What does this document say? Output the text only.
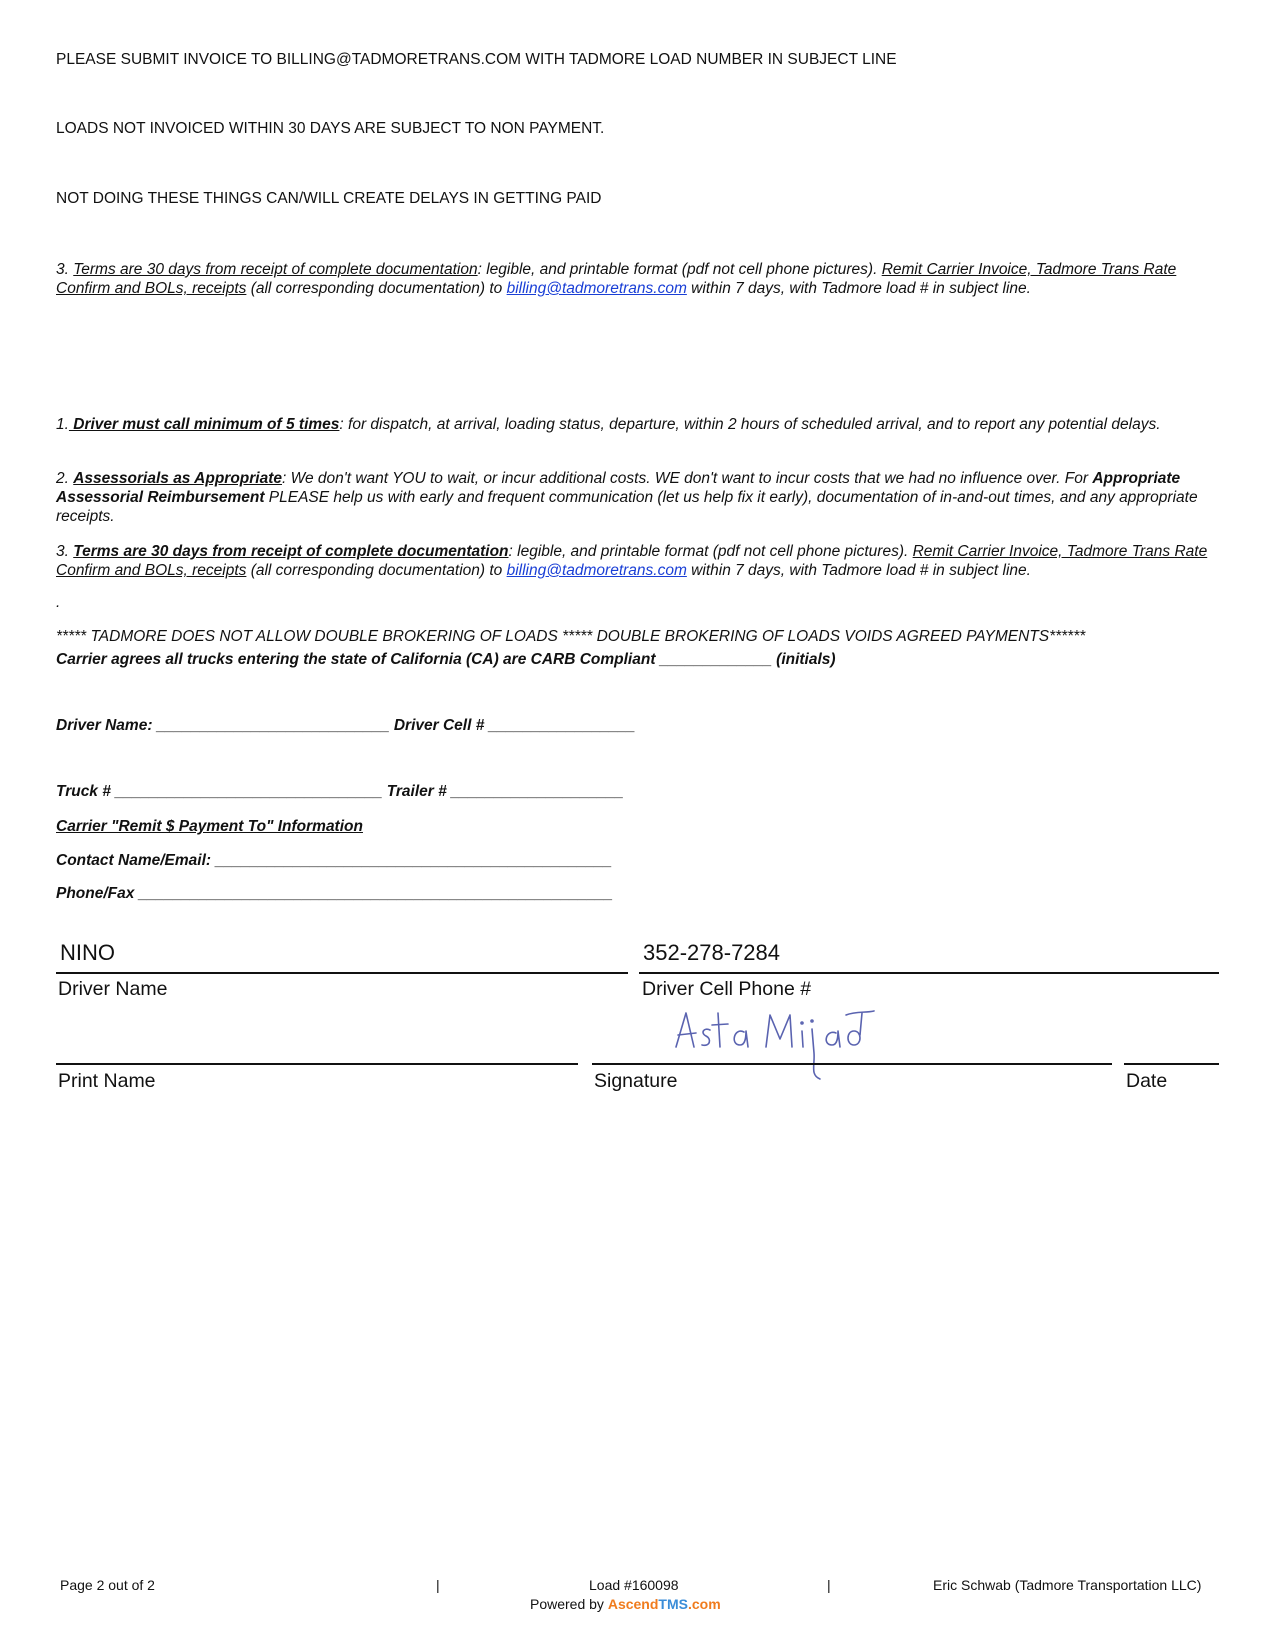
PLEASE SUBMIT INVOICE TO BILLING@TADMORETRANS.COM WITH TADMORE LOAD NUMBER IN SUBJECT LINE
LOADS NOT INVOICED WITHIN 30 DAYS ARE SUBJECT TO NON PAYMENT.
NOT DOING THESE THINGS CAN/WILL CREATE DELAYS IN GETTING PAID
3. Terms are 30 days from receipt of complete documentation: legible, and printable format (pdf not cell phone pictures). Remit Carrier Invoice, Tadmore Trans Rate Confirm and BOLs, receipts (all corresponding documentation) to billing@tadmoretrans.com within 7 days, with Tadmore load # in subject line.
1. Driver must call minimum of 5 times: for dispatch, at arrival, loading status, departure, within 2 hours of scheduled arrival, and to report any potential delays.
2. Assessorials as Appropriate: We don't want YOU to wait, or incur additional costs. WE don't want to incur costs that we had no influence over. For Appropriate Assessorial Reimbursement PLEASE help us with early and frequent communication (let us help fix it early), documentation of in-and-out times, and any appropriate receipts.
3. Terms are 30 days from receipt of complete documentation: legible, and printable format (pdf not cell phone pictures). Remit Carrier Invoice, Tadmore Trans Rate Confirm and BOLs, receipts (all corresponding documentation) to billing@tadmoretrans.com within 7 days, with Tadmore load # in subject line.
.
***** TADMORE DOES NOT ALLOW DOUBLE BROKERING OF LOADS ***** DOUBLE BROKERING OF LOADS VOIDS AGREED PAYMENTS******
Carrier agrees all trucks entering the state of California (CA) are CARB Compliant _____________ (initials)
Driver Name: ___________________________ Driver Cell # _________________
Truck # _______________________________ Trailer # ____________________
Carrier "Remit $ Payment To" Information
Contact Name/Email: ______________________________________________
Phone/Fax _______________________________________________________
NINO
Driver Name
352-278-7284
Driver Cell Phone #
Print Name	Signature	Date
Page 2 out of 2	|	Load #160098	|	Eric Schwab (Tadmore Transportation LLC)
Powered by AscendTMS.com
